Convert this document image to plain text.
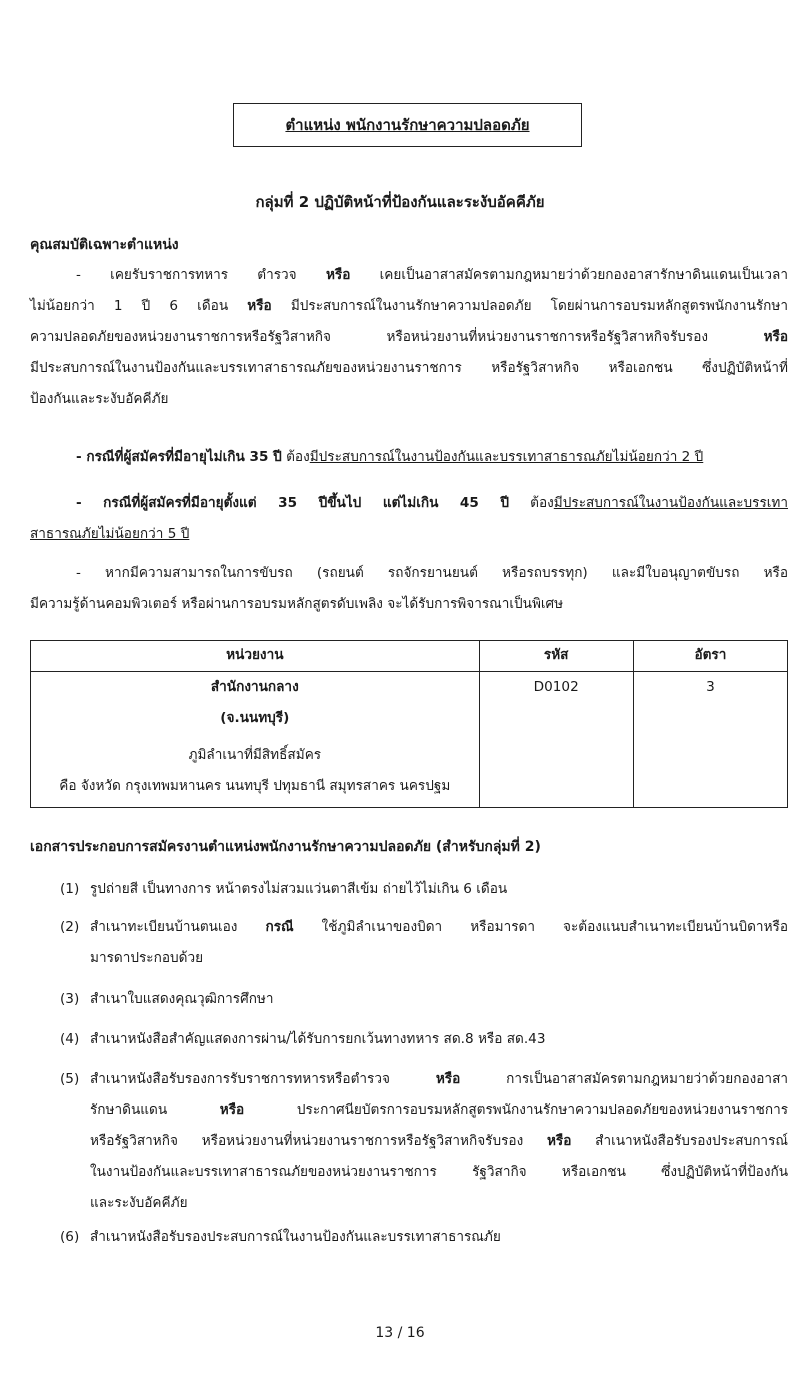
ตำแหน่ง พนักงานรักษาความปลอดภัย
กลุ่มที่ 2 ปฏิบัติหน้าที่ป้องกันและระงับอัคคีภัย
คุณสมบัติเฉพาะตำแหน่ง
- เคยรับราชการทหาร ตำรวจ หรือ เคยเป็นอาสาสมัครตามกฎหมายว่าด้วยกองอาสารักษาดินแดนเป็นเวลา
ไม่น้อยกว่า 1 ปี 6 เดือน หรือ มีประสบการณ์ในงานรักษาความปลอดภัย โดยผ่านการอบรมหลักสูตรพนักงานรักษา
ความปลอดภัยของหน่วยงานราชการหรือรัฐวิสาหกิจ หรือหน่วยงานที่หน่วยงานราชการหรือรัฐวิสาหกิจรับรอง หรือ
มีประสบการณ์ในงานป้องกันและบรรเทาสาธารณภัยของหน่วยงานราชการ หรือรัฐวิสาหกิจ หรือเอกชน ซึ่งปฏิบัติหน้าที่
ป้องกันและระงับอัคคีภัย
- กรณีที่ผู้สมัครที่มีอายุไม่เกิน 35 ปี ต้องมีประสบการณ์ในงานป้องกันและบรรเทาสาธารณภัยไม่น้อยกว่า 2 ปี
- กรณีที่ผู้สมัครที่มีอายุตั้งแต่ 35 ปีขึ้นไป แต่ไม่เกิน 45 ปี ต้องมีประสบการณ์ในงานป้องกันและบรรเทา
สาธารณภัยไม่น้อยกว่า 5 ปี
- หากมีความสามารถในการขับรถ (รถยนต์ รถจักรยานยนต์ หรือรถบรรทุก) และมีใบอนุญาตขับรถ หรือ
มีความรู้ด้านคอมพิวเตอร์ หรือผ่านการอบรมหลักสูตรดับเพลิง จะได้รับการพิจารณาเป็นพิเศษ
หน่วยงาน	รหัส	อัตรา

สำนักงานกลาง
(จ.นนทบุรี)
ภูมิลำเนาที่มีสิทธิ์สมัคร
คือ จังหวัด กรุงเทพมหานคร นนทบุรี ปทุมธานี สมุทรสาคร นครปฐม	D0102	3
เอกสารประกอบการสมัครงานตำแหน่งพนักงานรักษาความปลอดภัย (สำหรับกลุ่มที่ 2)
(1) รูปถ่ายสี เป็นทางการ หน้าตรงไม่สวมแว่นตาสีเข้ม ถ่ายไว้ไม่เกิน 6 เดือน
(2) สำเนาทะเบียนบ้านตนเอง กรณี ใช้ภูมิลำเนาของบิดา หรือมารดา จะต้องแนบสำเนาทะเบียนบ้านบิดาหรือ
มารดาประกอบด้วย
(3) สำเนาใบแสดงคุณวุฒิการศึกษา
(4) สำเนาหนังสือสำคัญแสดงการผ่าน/ได้รับการยกเว้นทางทหาร สด.8 หรือ สด.43
(5) สำเนาหนังสือรับรองการรับราชการทหารหรือตำรวจ หรือ การเป็นอาสาสมัครตามกฎหมายว่าด้วยกองอาสา
รักษาดินแดน หรือ ประกาศนียบัตรการอบรมหลักสูตรพนักงานรักษาความปลอดภัยของหน่วยงานราชการ
หรือรัฐวิสาหกิจ หรือหน่วยงานที่หน่วยงานราชการหรือรัฐวิสาหกิจรับรอง หรือ สำเนาหนังสือรับรองประสบการณ์
ในงานป้องกันและบรรเทาสาธารณภัยของหน่วยงานราชการ รัฐวิสากิจ หรือเอกชน ซึ่งปฏิบัติหน้าที่ป้องกัน
และระงับอัคคีภัย
(6) สำเนาหนังสือรับรองประสบการณ์ในงานป้องกันและบรรเทาสาธารณภัย
13 / 16
